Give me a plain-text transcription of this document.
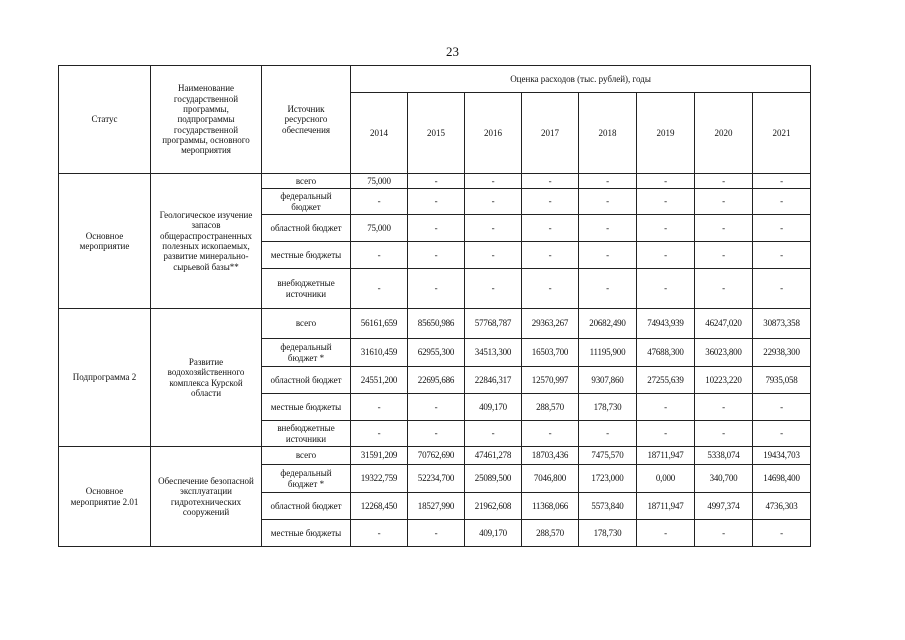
23
Статус	Наименование государственной программы, подпрограммы государственной программы, основного мероприятия	Источник ресурсного обеспечения	Оценка расходов (тыс. рублей), годы							
			2014	2015	2016	2017	2018	2019	2020	2021
Основное мероприятие	Геологическое изучение запасов общераспространенных полезных ископаемых, развитие минерально-сырьевой базы**	всего	75,000	-	-	-	-	-	-	-
		федеральный бюджет	-	-	-	-	-	-	-	-
		областной бюджет	75,000	-	-	-	-	-	-	-
		местные бюджеты	-	-	-	-	-	-	-	-
		внебюджетные источники	-	-	-	-	-	-	-	-
Подпрограмма 2	Развитие водохозяйственного комплекса Курской области	всего	56161,659	85650,986	57768,787	29363,267	20682,490	74943,939	46247,020	30873,358
		федеральный бюджет *	31610,459	62955,300	34513,300	16503,700	11195,900	47688,300	36023,800	22938,300
		областной бюджет	24551,200	22695,686	22846,317	12570,997	9307,860	27255,639	10223,220	7935,058
		местные бюджеты	-	-	409,170	288,570	178,730	-	-	-
		внебюджетные источники	-	-	-	-	-	-	-	-
Основное мероприятие 2.01	Обеспечение безопасной эксплуатации гидротехнических сооружений	всего	31591,209	70762,690	47461,278	18703,436	7475,570	18711,947	5338,074	19434,703
		федеральный бюджет *	19322,759	52234,700	25089,500	7046,800	1723,000	0,000	340,700	14698,400
		областной бюджет	12268,450	18527,990	21962,608	11368,066	5573,840	18711,947	4997,374	4736,303
		местные бюджеты	-	-	409,170	288,570	178,730	-	-	-
